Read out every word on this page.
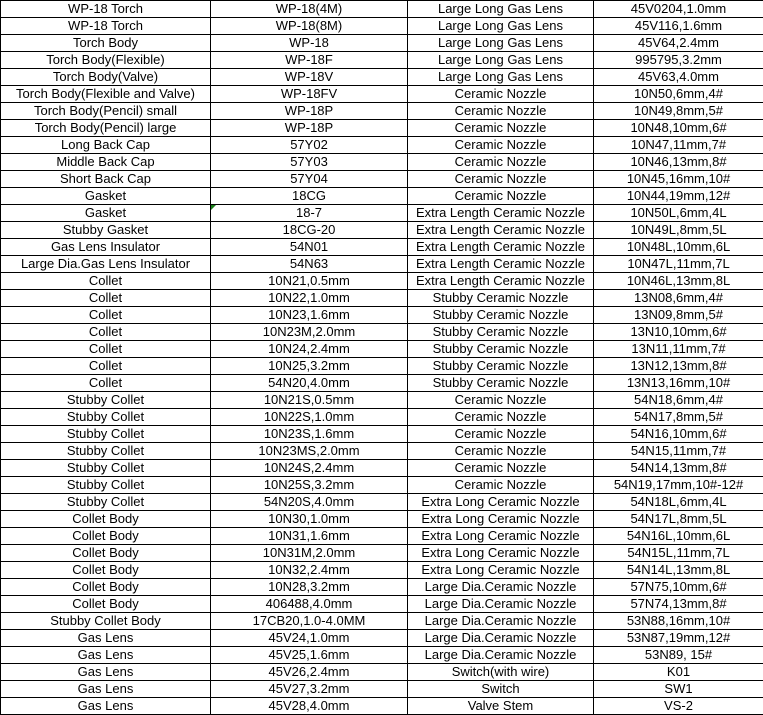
WP-18 Torch	WP-18(4M)	Large Long Gas Lens	45V0204,1.0mm
WP-18 Torch	WP-18(8M)	Large Long Gas Lens	45V116,1.6mm
Torch Body	WP-18	Large Long Gas Lens	45V64,2.4mm
Torch Body(Flexible)	WP-18F	Large Long Gas Lens	995795,3.2mm
Torch Body(Valve)	WP-18V	Large Long Gas Lens	45V63,4.0mm
Torch Body(Flexible and Valve)	WP-18FV	Ceramic Nozzle	10N50,6mm,4#
Torch Body(Pencil) small	WP-18P	Ceramic Nozzle	10N49,8mm,5#
Torch Body(Pencil) large	WP-18P	Ceramic Nozzle	10N48,10mm,6#
Long Back Cap	57Y02	Ceramic Nozzle	10N47,11mm,7#
Middle Back Cap	57Y03	Ceramic Nozzle	10N46,13mm,8#
Short Back Cap	57Y04	Ceramic Nozzle	10N45,16mm,10#
Gasket	18CG	Ceramic Nozzle	10N44,19mm,12#
Gasket	18-7	Extra Length Ceramic Nozzle	10N50L,6mm,4L
Stubby Gasket	18CG-20	Extra Length Ceramic Nozzle	10N49L,8mm,5L
Gas Lens Insulator	54N01	Extra Length Ceramic Nozzle	10N48L,10mm,6L
Large Dia.Gas Lens Insulator	54N63	Extra Length Ceramic Nozzle	10N47L,11mm,7L
Collet	10N21,0.5mm	Extra Length Ceramic Nozzle	10N46L,13mm,8L
Collet	10N22,1.0mm	Stubby Ceramic Nozzle	13N08,6mm,4#
Collet	10N23,1.6mm	Stubby Ceramic Nozzle	13N09,8mm,5#
Collet	10N23M,2.0mm	Stubby Ceramic Nozzle	13N10,10mm,6#
Collet	10N24,2.4mm	Stubby Ceramic Nozzle	13N11,11mm,7#
Collet	10N25,3.2mm	Stubby Ceramic Nozzle	13N12,13mm,8#
Collet	54N20,4.0mm	Stubby Ceramic Nozzle	13N13,16mm,10#
Stubby Collet	10N21S,0.5mm	Ceramic Nozzle	54N18,6mm,4#
Stubby Collet	10N22S,1.0mm	Ceramic Nozzle	54N17,8mm,5#
Stubby Collet	10N23S,1.6mm	Ceramic Nozzle	54N16,10mm,6#
Stubby Collet	10N23MS,2.0mm	Ceramic Nozzle	54N15,11mm,7#
Stubby Collet	10N24S,2.4mm	Ceramic Nozzle	54N14,13mm,8#
Stubby Collet	10N25S,3.2mm	Ceramic Nozzle	54N19,17mm,10#-12#
Stubby Collet	54N20S,4.0mm	Extra Long Ceramic Nozzle	54N18L,6mm,4L
Collet Body	10N30,1.0mm	Extra Long Ceramic Nozzle	54N17L,8mm,5L
Collet Body	10N31,1.6mm	Extra Long Ceramic Nozzle	54N16L,10mm,6L
Collet Body	10N31M,2.0mm	Extra Long Ceramic Nozzle	54N15L,11mm,7L
Collet Body	10N32,2.4mm	Extra Long Ceramic Nozzle	54N14L,13mm,8L
Collet Body	10N28,3.2mm	Large Dia.Ceramic Nozzle	57N75,10mm,6#
Collet Body	406488,4.0mm	Large Dia.Ceramic Nozzle	57N74,13mm,8#
Stubby Collet Body	17CB20,1.0-4.0MM	Large Dia.Ceramic Nozzle	53N88,16mm,10#
Gas Lens	45V24,1.0mm	Large Dia.Ceramic Nozzle	53N87,19mm,12#
Gas Lens	45V25,1.6mm	Large Dia.Ceramic Nozzle	53N89, 15#
Gas Lens	45V26,2.4mm	Switch(with wire)	K01
Gas Lens	45V27,3.2mm	Switch	SW1
Gas Lens	45V28,4.0mm	Valve Stem	VS-2
